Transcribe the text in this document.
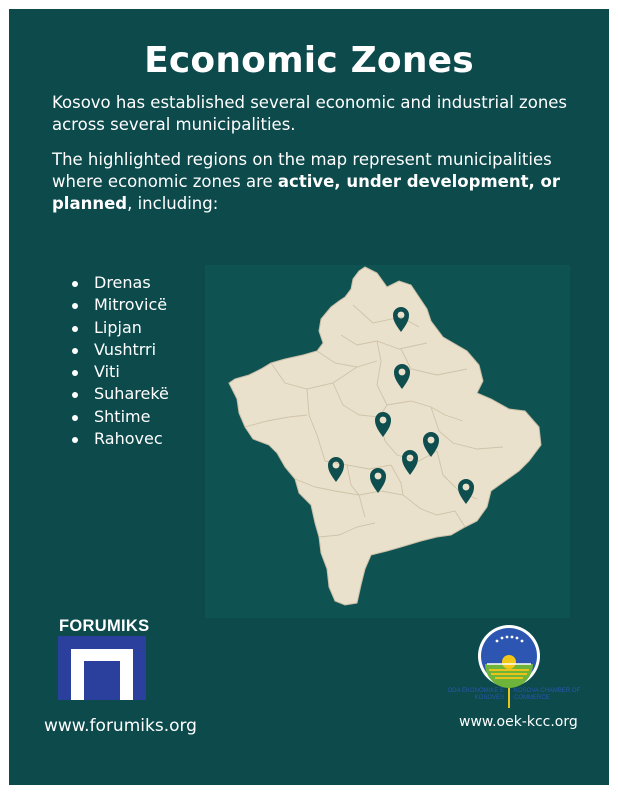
Economic Zones
Kosovo has established several economic and industrial zones across several municipalities.
The highlighted regions on the map represent municipalities where economic zones are active, under development, or planned, including:
Drenas
Mitrovicë
Lipjan
Vushtrri
Viti
Suharekë
Shtime
Rahovec
FORUMIKS
www.forumiks.org
ODA EKONOMIKE E KOSOVËS
KOSOVA CHAMBER OF COMMERCE
www.oek-kcc.org
